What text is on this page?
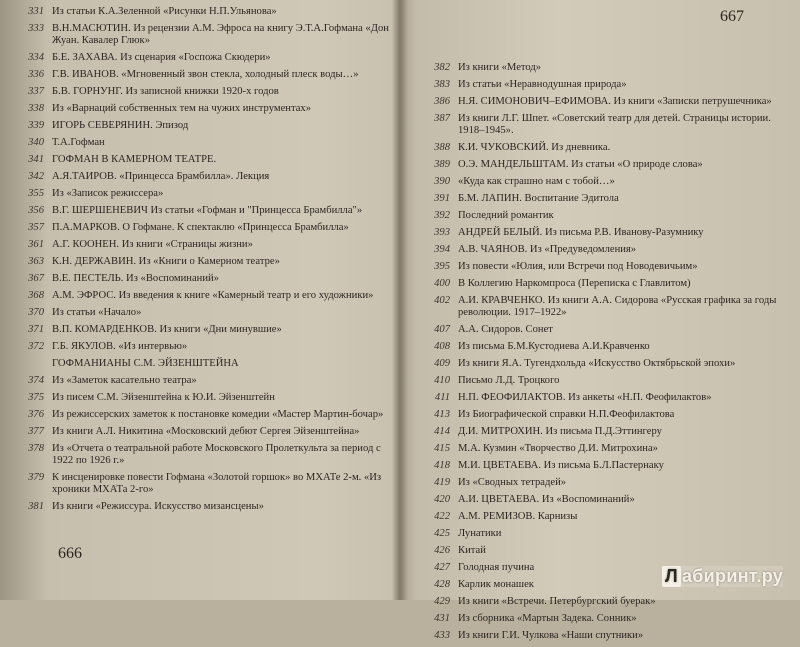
331 Из статьи К.А.Зеленной «Рисунки Н.П.Ульянова»
333 В.Н.МАСЮТИН. Из рецензии А.М. Эфроса на книгу Э.Т.А.Гофмана «Дон Жуан. Кавалер Глюк»
334 Б.Е. ЗАХАВА. Из сценария «Госпожа Скюдери»
336 Г.В. ИВАНОВ. «Мгновенный звон стекла, холодный плеск воды…»
337 Б.В. ГОРНУНГ. Из записной книжки 1920-х годов
338 Из «Варнаций собственных тем на чужих инструментах»
339 ИГОРЬ СЕВЕРЯНИН. Эпизод
340 Т.А.Гофман
341 ГОФМАН В КАМЕРНОМ ТЕАТРЕ.
342 А.Я.ТАИРОВ. «Принцесса Брамбилла». Лекция
355 Из «Записок режиссера»
356 В.Г. ШЕРШЕНЕВИЧ Из статьи «Гофман и "Принцесса Брамбилла"»
357 П.А.МАРКОВ. О Гофмане. К спектаклю «Принцесса Брамбилла»
361 А.Г. КООНЕН. Из книги «Страницы жизни»
363 К.Н. ДЕРЖАВИН. Из «Книги о Камерном театре»
367 В.Е. ПЕСТЕЛЬ. Из «Воспоминаний»
368 А.М. ЭФРОС. Из введения к книге «Камерный театр и его художники»
370 Из статьи «Начало»
371 В.П. КОМАРДЕНКОВ. Из книги «Дни минувшие»
372 Г.Б. ЯКУЛОВ. «Из интервью»
ГОФМАНИАНЫ С.М. ЭЙЗЕНШТЕЙНА
374 Из «Заметок касательно театра»
375 Из писем С.М. Эйзенштейна к Ю.И. Эйзенштейн
376 Из режиссерских заметок к постановке комедии «Мастер Мартин-бочар»
377 Из книги А.Л. Никитина «Московский дебют Сергея Эйзенштейна»
378 Из «Отчета о театральной работе Московского Пролеткульта за период с 1922 по 1926 г.»
379 К инсценировке повести Гофмана «Золотой горшок» во МХАТе 2-м. «Из хроники МХАТа 2-го»
381 Из книги «Режиссура. Искусство мизансцены»
666
667
382 Из книги «Метод»
383 Из статьи «Неравнодушная природа»
386 Н.Я. СИМОНОВИЧ–ЕФИМОВА. Из книги «Записки петрушечника»
387 Из книги Л.Г. Шпет. «Советский театр для детей. Страницы истории. 1918–1945».
388 К.И. ЧУКОВСКИЙ. Из дневника.
389 О.Э. МАНДЕЛЬШТАМ. Из статьи «О природе слова»
390 «Куда как страшно нам с тобой…»
391 Б.М. ЛАПИН. Воспитание Эдитола
392 Последний романтик
393 АНДРЕЙ БЕЛЫЙ. Из письма Р.В. Иванову-Разумнику
394 А.В. ЧАЯНОВ. Из «Предуведомления»
395 Из повести «Юлия, или Встречи под Новодевичьим»
400 В Коллегию Наркомпроса (Переписка с Главлитом)
402 А.И. КРАВЧЕНКО. Из книги А.А. Сидорова «Русская графика за годы революции. 1917–1922»
407 А.А. Сидоров. Сонет
408 Из письма Б.М.Кустодиева А.И.Кравченко
409 Из книги Я.А. Тугендхольда «Искусство Октябрьской эпохи»
410 Письмо Л.Д. Троцкого
411 Н.П. ФЕОФИЛАКТОВ. Из анкеты «Н.П. Феофилактов»
413 Из Биографической справки Н.П.Феофилактова
414 Д.И. МИТРОХИН. Из письма П.Д.Эттингеру
415 М.А. Кузмин «Творчество Д.И. Митрохина»
418 М.И. ЦВЕТАЕВА. Из письма Б.Л.Пастернаку
419 Из «Сводных тетрадей»
420 А.И. ЦВЕТАЕВА. Из «Воспоминаний»
422 А.М. РЕМИЗОВ. Карнизы
425 Лунатики
426 Китай
427 Голодная пучина
428 Карлик монашек
429 Из книги «Встречи. Петербургский буерак»
431 Из сборника «Мартын Задека. Сонник»
433 Из книги Г.И. Чулкова «Наши спутники»
Л абиринт.ру
